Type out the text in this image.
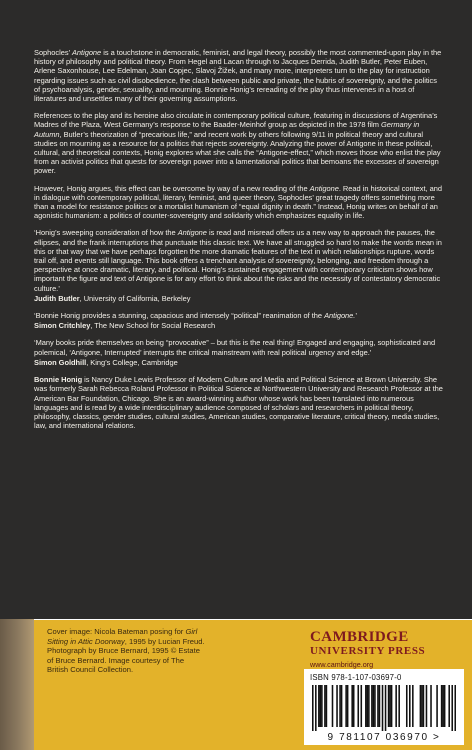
Sophocles’ Antigone is a touchstone in democratic, feminist, and legal theory, possibly the most commented-upon play in the history of philosophy and political theory. From Hegel and Lacan through to Jacques Derrida, Judith Butler, Peter Euben, Arlene Saxonhouse, Lee Edelman, Joan Copjec, Slavoj Žižek, and many more, interpreters turn to the play for instruction regarding issues such as civil disobedience, the clash between public and private, the hubris of sovereignty, and the politics of psychoanalysis, gender, sexuality, and mourning. Bonnie Honig’s rereading of the play thus intervenes in a host of literatures and unsettles many of their governing assumptions.

References to the play and its heroine also circulate in contemporary political culture, featuring in discussions of Argentina’s Madres of the Plaza, West Germany’s response to the Baader-Meinhof group as depicted in the 1978 film Germany in Autumn, Butler’s theorization of “precarious life,” and recent work by others following 9/11 in political theory and cultural studies on mourning as a resource for a politics that rejects sovereignty. Analyzing the power of Antigone in these political, cultural, and theoretical contexts, Honig explores what she calls the “Antigone-effect,” which moves those who enlist the play from an activist politics that quests for sovereign power into a lamentational politics that bemoans the excesses of sovereign power.

However, Honig argues, this effect can be overcome by way of a new reading of the Antigone. Read in historical context, and in dialogue with contemporary political, literary, feminist, and queer theory, Sophocles’ great tragedy offers something more than a model for resistance politics or a mortalist humanism of “equal dignity in death.” Instead, Honig writes on behalf of an agonistic humanism: a politics of counter-sovereignty and solidarity which emphasizes equality in life.

‘Honig’s sweeping consideration of how the Antigone is read and misread offers us a new way to approach the pauses, the ellipses, and the frank interruptions that punctuate this classic text. We have all struggled so hard to make the words mean in this or that way that we have perhaps forgotten the more dramatic features of the text in which relationships rupture, words trail off, and events still language. This book offers a trenchant analysis of sovereignty, belonging, and freedom through a perspective at once dramatic, literary, and political. Honig’s sustained engagement with contemporary criticism shows how important the figure and text of Antigone is for any effort to think about the risks and the necessity of contestatory democratic culture.’
Judith Butler, University of California, Berkeley
‘Bonnie Honig provides a stunning, capacious and intensely “political” reanimation of the Antigone.’
Simon Critchley, The New School for Social Research
‘Many books pride themselves on being “provocative” – but this is the real thing! Engaged and engaging, sophisticated and polemical, ‘Antigone, Interrupted’ interrupts the critical mainstream with real political urgency and edge.’
Simon Goldhill, King’s College, Cambridge

Bonnie Honig is Nancy Duke Lewis Professor of Modern Culture and Media and Political Science at Brown University. She was formerly Sarah Rebecca Roland Professor in Political Science at Northwestern University and Research Professor at the American Bar Foundation, Chicago. She is an award-winning author whose work has been translated into numerous languages and is read by a wide interdisciplinary audience composed of scholars and researchers in political theory, philosophy, classics, gender studies, cultural studies, American studies, comparative literature, critical theory, media studies, law, and international relations.

Cover image: Nicola Bateman posing for Girl Sitting in Attic Doorway, 1995 by Lucian Freud. Photograph by Bruce Bernard, 1995 © Estate of Bruce Bernard. Image courtesy of The British Council Collection.
CAMBRIDGE
UNIVERSITY PRESS
www.cambridge.org
ISBN 978-1-107-03697-0
9 781107 036970 >
